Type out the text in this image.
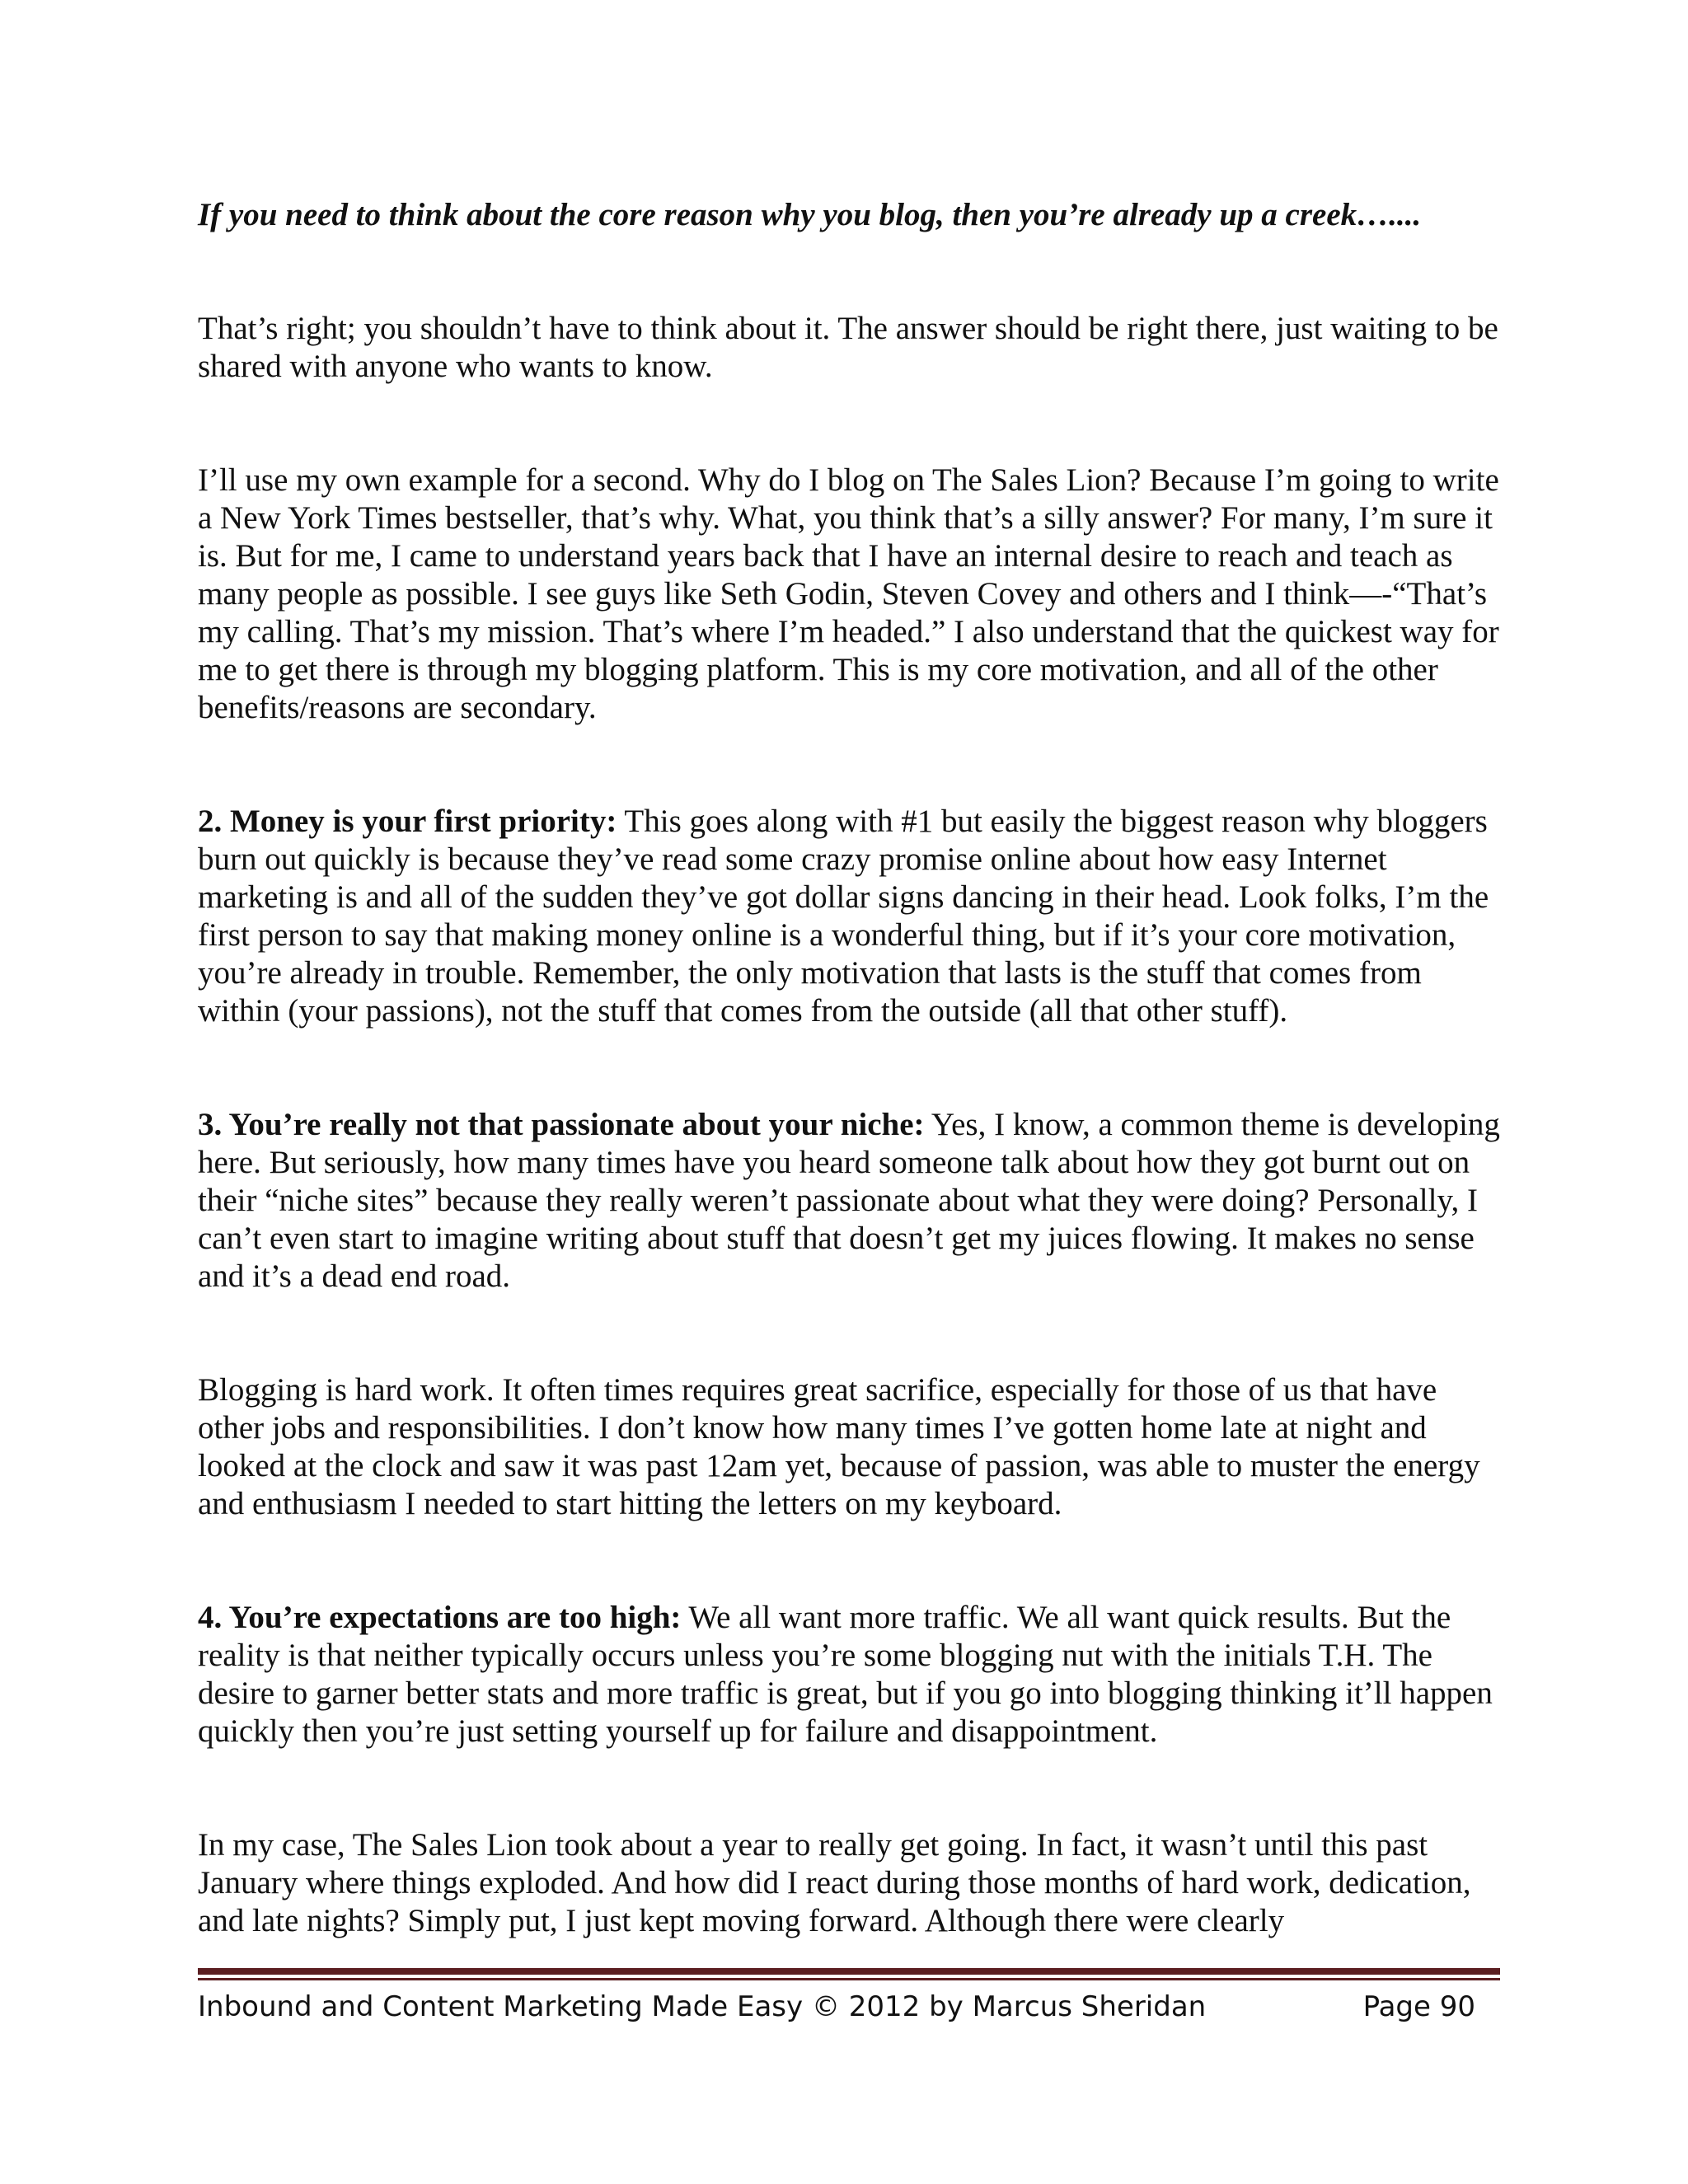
If you need to think about the core reason why you blog, then you’re already up a creek…....

That’s right; you shouldn’t have to think about it. The answer should be right there, just waiting to be shared with anyone who wants to know.

I’ll use my own example for a second. Why do I blog on The Sales Lion? Because I’m going to write a New York Times bestseller, that’s why. What, you think that’s a silly answer? For many, I’m sure it is. But for me, I came to understand years back that I have an internal desire to reach and teach as many people as possible. I see guys like Seth Godin, Steven Covey and others and I think—-“That’s my calling. That’s my mission. That’s where I’m headed.” I also understand that the quickest way for me to get there is through my blogging platform. This is my core motivation, and all of the other benefits/reasons are secondary.

2. Money is your first priority: This goes along with #1 but easily the biggest reason why bloggers burn out quickly is because they’ve read some crazy promise online about how easy Internet marketing is and all of the sudden they’ve got dollar signs dancing in their head. Look folks, I’m the first person to say that making money online is a wonderful thing, but if it’s your core motivation, you’re already in trouble. Remember, the only motivation that lasts is the stuff that comes from within (your passions), not the stuff that comes from the outside (all that other stuff).

3. You’re really not that passionate about your niche: Yes, I know, a common theme is developing here. But seriously, how many times have you heard someone talk about how they got burnt out on their “niche sites” because they really weren’t passionate about what they were doing? Personally, I can’t even start to imagine writing about stuff that doesn’t get my juices flowing. It makes no sense and it’s a dead end road.

Blogging is hard work. It often times requires great sacrifice, especially for those of us that have other jobs and responsibilities. I don’t know how many times I’ve gotten home late at night and looked at the clock and saw it was past 12am yet, because of passion, was able to muster the energy and enthusiasm I needed to start hitting the letters on my keyboard.

4. You’re expectations are too high: We all want more traffic. We all want quick results. But the reality is that neither typically occurs unless you’re some blogging nut with the initials T.H. The desire to garner better stats and more traffic is great, but if you go into blogging thinking it’ll happen quickly then you’re just setting yourself up for failure and disappointment.

In my case, The Sales Lion took about a year to really get going. In fact, it wasn’t until this past January where things exploded. And how did I react during those months of hard work, dedication, and late nights? Simply put, I just kept moving forward. Although there were clearly

Inbound and Content Marketing Made Easy © 2012 by Marcus Sheridan	Page 90
